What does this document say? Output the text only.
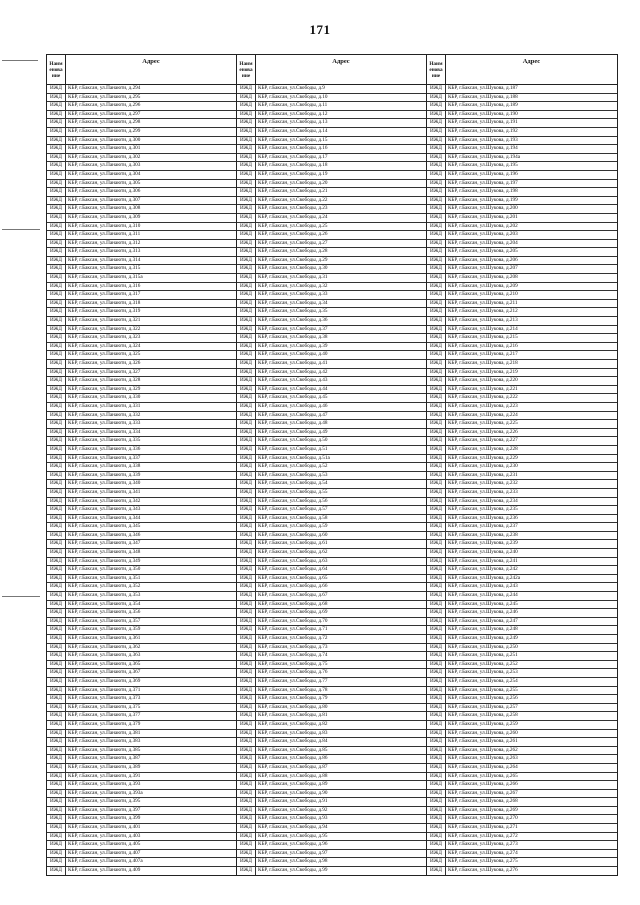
171
Наим
енова
ние
Адрес
ИЖД	КБР, г.Баксан, ул.Панаюти, д.294
ИЖД	КБР, г.Баксан, ул.Панаюти, д.295
ИЖД	КБР, г.Баксан, ул.Панаюти, д.296
ИЖД	КБР, г.Баксан, ул.Панаюти, д.297
ИЖД	КБР, г.Баксан, ул.Панаюти, д.298
ИЖД	КБР, г.Баксан, ул.Панаюти, д.299
ИЖД	КБР, г.Баксан, ул.Панаюти, д.300
ИЖД	КБР, г.Баксан, ул.Панаюти, д.301
ИЖД	КБР, г.Баксан, ул.Панаюти, д.302
ИЖД	КБР, г.Баксан, ул.Панаюти, д.303
ИЖД	КБР, г.Баксан, ул.Панаюти, д.304
ИЖД	КБР, г.Баксан, ул.Панаюти, д.305
ИЖД	КБР, г.Баксан, ул.Панаюти, д.306
ИЖД	КБР, г.Баксан, ул.Панаюти, д.307
ИЖД	КБР, г.Баксан, ул.Панаюти, д.308
ИЖД	КБР, г.Баксан, ул.Панаюти, д.309
ИЖД	КБР, г.Баксан, ул.Панаюти, д.310
ИЖД	КБР, г.Баксан, ул.Панаюти, д.311
ИЖД	КБР, г.Баксан, ул.Панаюти, д.312
ИЖД	КБР, г.Баксан, ул.Панаюти, д.313
ИЖД	КБР, г.Баксан, ул.Панаюти, д.314
ИЖД	КБР, г.Баксан, ул.Панаюти, д.315
ИЖД	КБР, г.Баксан, ул.Панаюти, д.315а
ИЖД	КБР, г.Баксан, ул.Панаюти, д.316
ИЖД	КБР, г.Баксан, ул.Панаюти, д.317
ИЖД	КБР, г.Баксан, ул.Панаюти, д.318
ИЖД	КБР, г.Баксан, ул.Панаюти, д.319
ИЖД	КБР, г.Баксан, ул.Панаюти, д.321
ИЖД	КБР, г.Баксан, ул.Панаюти, д.322
ИЖД	КБР, г.Баксан, ул.Панаюти, д.323
ИЖД	КБР, г.Баксан, ул.Панаюти, д.324
ИЖД	КБР, г.Баксан, ул.Панаюти, д.325
ИЖД	КБР, г.Баксан, ул.Панаюти, д.326
ИЖД	КБР, г.Баксан, ул.Панаюти, д.327
ИЖД	КБР, г.Баксан, ул.Панаюти, д.328
ИЖД	КБР, г.Баксан, ул.Панаюти, д.329
ИЖД	КБР, г.Баксан, ул.Панаюти, д.330
ИЖД	КБР, г.Баксан, ул.Панаюти, д.331
ИЖД	КБР, г.Баксан, ул.Панаюти, д.332
ИЖД	КБР, г.Баксан, ул.Панаюти, д.333
ИЖД	КБР, г.Баксан, ул.Панаюти, д.334
ИЖД	КБР, г.Баксан, ул.Панаюти, д.335
ИЖД	КБР, г.Баксан, ул.Панаюти, д.336
ИЖД	КБР, г.Баксан, ул.Панаюти, д.337
ИЖД	КБР, г.Баксан, ул.Панаюти, д.338
ИЖД	КБР, г.Баксан, ул.Панаюти, д.339
ИЖД	КБР, г.Баксан, ул.Панаюти, д.340
ИЖД	КБР, г.Баксан, ул.Панаюти, д.341
ИЖД	КБР, г.Баксан, ул.Панаюти, д.342
ИЖД	КБР, г.Баксан, ул.Панаюти, д.343
ИЖД	КБР, г.Баксан, ул.Панаюти, д.344
ИЖД	КБР, г.Баксан, ул.Панаюти, д.345
ИЖД	КБР, г.Баксан, ул.Панаюти, д.346
ИЖД	КБР, г.Баксан, ул.Панаюти, д.347
ИЖД	КБР, г.Баксан, ул.Панаюти, д.348
ИЖД	КБР, г.Баксан, ул.Панаюти, д.349
ИЖД	КБР, г.Баксан, ул.Панаюти, д.350
ИЖД	КБР, г.Баксан, ул.Панаюти, д.351
ИЖД	КБР, г.Баксан, ул.Панаюти, д.352
ИЖД	КБР, г.Баксан, ул.Панаюти, д.353
ИЖД	КБР, г.Баксан, ул.Панаюти, д.354
ИЖД	КБР, г.Баксан, ул.Панаюти, д.356
ИЖД	КБР, г.Баксан, ул.Панаюти, д.357
ИЖД	КБР, г.Баксан, ул.Панаюти, д.359
ИЖД	КБР, г.Баксан, ул.Панаюти, д.361
ИЖД	КБР, г.Баксан, ул.Панаюти, д.362
ИЖД	КБР, г.Баксан, ул.Панаюти, д.363
ИЖД	КБР, г.Баксан, ул.Панаюти, д.365
ИЖД	КБР, г.Баксан, ул.Панаюти, д.367
ИЖД	КБР, г.Баксан, ул.Панаюти, д.369
ИЖД	КБР, г.Баксан, ул.Панаюти, д.371
ИЖД	КБР, г.Баксан, ул.Панаюти, д.373
ИЖД	КБР, г.Баксан, ул.Панаюти, д.375
ИЖД	КБР, г.Баксан, ул.Панаюти, д.377
ИЖД	КБР, г.Баксан, ул.Панаюти, д.379
ИЖД	КБР, г.Баксан, ул.Панаюти, д.381
ИЖД	КБР, г.Баксан, ул.Панаюти, д.383
ИЖД	КБР, г.Баксан, ул.Панаюти, д.385
ИЖД	КБР, г.Баксан, ул.Панаюти, д.387
ИЖД	КБР, г.Баксан, ул.Панаюти, д.389
ИЖД	КБР, г.Баксан, ул.Панаюти, д.391
ИЖД	КБР, г.Баксан, ул.Панаюти, д.393
ИЖД	КБР, г.Баксан, ул.Панаюти, д.393а
ИЖД	КБР, г.Баксан, ул.Панаюти, д.395
ИЖД	КБР, г.Баксан, ул.Панаюти, д.397
ИЖД	КБР, г.Баксан, ул.Панаюти, д.399
ИЖД	КБР, г.Баксан, ул.Панаюти, д.401
ИЖД	КБР, г.Баксан, ул.Панаюти, д.403
ИЖД	КБР, г.Баксан, ул.Панаюти, д.405
ИЖД	КБР, г.Баксан, ул.Панаюти, д.407
ИЖД	КБР, г.Баксан, ул.Панаюти, д.407а
ИЖД	КБР, г.Баксан, ул.Панаюти, д.409
Наим
енова
ние
Адрес
ИЖД	КБР, г.Баксан, ул.Свободы, д.9
ИЖД	КБР, г.Баксан, ул.Свободы, д.10
ИЖД	КБР, г.Баксан, ул.Свободы, д.11
ИЖД	КБР, г.Баксан, ул.Свободы, д.12
ИЖД	КБР, г.Баксан, ул.Свободы, д.13
ИЖД	КБР, г.Баксан, ул.Свободы, д.14
ИЖД	КБР, г.Баксан, ул.Свободы, д.15
ИЖД	КБР, г.Баксан, ул.Свободы, д.16
ИЖД	КБР, г.Баксан, ул.Свободы, д.17
ИЖД	КБР, г.Баксан, ул.Свободы, д.18
ИЖД	КБР, г.Баксан, ул.Свободы, д.19
ИЖД	КБР, г.Баксан, ул.Свободы, д.20
ИЖД	КБР, г.Баксан, ул.Свободы, д.21
ИЖД	КБР, г.Баксан, ул.Свободы, д.22
ИЖД	КБР, г.Баксан, ул.Свободы, д.23
ИЖД	КБР, г.Баксан, ул.Свободы, д.24
ИЖД	КБР, г.Баксан, ул.Свободы, д.25
ИЖД	КБР, г.Баксан, ул.Свободы, д.26
ИЖД	КБР, г.Баксан, ул.Свободы, д.27
ИЖД	КБР, г.Баксан, ул.Свободы, д.28
ИЖД	КБР, г.Баксан, ул.Свободы, д.29
ИЖД	КБР, г.Баксан, ул.Свободы, д.30
ИЖД	КБР, г.Баксан, ул.Свободы, д.31
ИЖД	КБР, г.Баксан, ул.Свободы, д.32
ИЖД	КБР, г.Баксан, ул.Свободы, д.33
ИЖД	КБР, г.Баксан, ул.Свободы, д.34
ИЖД	КБР, г.Баксан, ул.Свободы, д.35
ИЖД	КБР, г.Баксан, ул.Свободы, д.36
ИЖД	КБР, г.Баксан, ул.Свободы, д.37
ИЖД	КБР, г.Баксан, ул.Свободы, д.38
ИЖД	КБР, г.Баксан, ул.Свободы, д.39
ИЖД	КБР, г.Баксан, ул.Свободы, д.40
ИЖД	КБР, г.Баксан, ул.Свободы, д.41
ИЖД	КБР, г.Баксан, ул.Свободы, д.42
ИЖД	КБР, г.Баксан, ул.Свободы, д.43
ИЖД	КБР, г.Баксан, ул.Свободы, д.44
ИЖД	КБР, г.Баксан, ул.Свободы, д.45
ИЖД	КБР, г.Баксан, ул.Свободы, д.46
ИЖД	КБР, г.Баксан, ул.Свободы, д.47
ИЖД	КБР, г.Баксан, ул.Свободы, д.48
ИЖД	КБР, г.Баксан, ул.Свободы, д.49
ИЖД	КБР, г.Баксан, ул.Свободы, д.50
ИЖД	КБР, г.Баксан, ул.Свободы, д.51
ИЖД	КБР, г.Баксан, ул.Свободы, д.51а
ИЖД	КБР, г.Баксан, ул.Свободы, д.52
ИЖД	КБР, г.Баксан, ул.Свободы, д.53
ИЖД	КБР, г.Баксан, ул.Свободы, д.54
ИЖД	КБР, г.Баксан, ул.Свободы, д.55
ИЖД	КБР, г.Баксан, ул.Свободы, д.56
ИЖД	КБР, г.Баксан, ул.Свободы, д.57
ИЖД	КБР, г.Баксан, ул.Свободы, д.58
ИЖД	КБР, г.Баксан, ул.Свободы, д.59
ИЖД	КБР, г.Баксан, ул.Свободы, д.60
ИЖД	КБР, г.Баксан, ул.Свободы, д.61
ИЖД	КБР, г.Баксан, ул.Свободы, д.62
ИЖД	КБР, г.Баксан, ул.Свободы, д.63
ИЖД	КБР, г.Баксан, ул.Свободы, д.64
ИЖД	КБР, г.Баксан, ул.Свободы, д.65
ИЖД	КБР, г.Баксан, ул.Свободы, д.66
ИЖД	КБР, г.Баксан, ул.Свободы, д.67
ИЖД	КБР, г.Баксан, ул.Свободы, д.68
ИЖД	КБР, г.Баксан, ул.Свободы, д.69
ИЖД	КБР, г.Баксан, ул.Свободы, д.70
ИЖД	КБР, г.Баксан, ул.Свободы, д.71
ИЖД	КБР, г.Баксан, ул.Свободы, д.72
ИЖД	КБР, г.Баксан, ул.Свободы, д.73
ИЖД	КБР, г.Баксан, ул.Свободы, д.74
ИЖД	КБР, г.Баксан, ул.Свободы, д.75
ИЖД	КБР, г.Баксан, ул.Свободы, д.76
ИЖД	КБР, г.Баксан, ул.Свободы, д.77
ИЖД	КБР, г.Баксан, ул.Свободы, д.78
ИЖД	КБР, г.Баксан, ул.Свободы, д.79
ИЖД	КБР, г.Баксан, ул.Свободы, д.80
ИЖД	КБР, г.Баксан, ул.Свободы, д.81
ИЖД	КБР, г.Баксан, ул.Свободы, д.82
ИЖД	КБР, г.Баксан, ул.Свободы, д.83
ИЖД	КБР, г.Баксан, ул.Свободы, д.84
ИЖД	КБР, г.Баксан, ул.Свободы, д.85
ИЖД	КБР, г.Баксан, ул.Свободы, д.86
ИЖД	КБР, г.Баксан, ул.Свободы, д.87
ИЖД	КБР, г.Баксан, ул.Свободы, д.88
ИЖД	КБР, г.Баксан, ул.Свободы, д.89
ИЖД	КБР, г.Баксан, ул.Свободы, д.90
ИЖД	КБР, г.Баксан, ул.Свободы, д.91
ИЖД	КБР, г.Баксан, ул.Свободы, д.92
ИЖД	КБР, г.Баксан, ул.Свободы, д.93
ИЖД	КБР, г.Баксан, ул.Свободы, д.94
ИЖД	КБР, г.Баксан, ул.Свободы, д.95
ИЖД	КБР, г.Баксан, ул.Свободы, д.96
ИЖД	КБР, г.Баксан, ул.Свободы, д.97
ИЖД	КБР, г.Баксан, ул.Свободы, д.98
ИЖД	КБР, г.Баксан, ул.Свободы, д.99
Наим
енова
ние
Адрес
ИЖД	КБР, г.Баксан, ул.Шукова, д.187
ИЖД	КБР, г.Баксан, ул.Шукова, д.188
ИЖД	КБР, г.Баксан, ул.Шукова, д.189
ИЖД	КБР, г.Баксан, ул.Шукова, д.190
ИЖД	КБР, г.Баксан, ул.Шукова, д.191
ИЖД	КБР, г.Баксан, ул.Шукова, д.192
ИЖД	КБР, г.Баксан, ул.Шукова, д.193
ИЖД	КБР, г.Баксан, ул.Шукова, д.194
ИЖД	КБР, г.Баксан, ул.Шукова, д.194а
ИЖД	КБР, г.Баксан, ул.Шукова, д.195
ИЖД	КБР, г.Баксан, ул.Шукова, д.196
ИЖД	КБР, г.Баксан, ул.Шукова, д.197
ИЖД	КБР, г.Баксан, ул.Шукова, д.198
ИЖД	КБР, г.Баксан, ул.Шукова, д.199
ИЖД	КБР, г.Баксан, ул.Шукова, д.200
ИЖД	КБР, г.Баксан, ул.Шукова, д.201
ИЖД	КБР, г.Баксан, ул.Шукова, д.202
ИЖД	КБР, г.Баксан, ул.Шукова, д.203
ИЖД	КБР, г.Баксан, ул.Шукова, д.204
ИЖД	КБР, г.Баксан, ул.Шукова, д.205
ИЖД	КБР, г.Баксан, ул.Шукова, д.206
ИЖД	КБР, г.Баксан, ул.Шукова, д.207
ИЖД	КБР, г.Баксан, ул.Шукова, д.208
ИЖД	КБР, г.Баксан, ул.Шукова, д.209
ИЖД	КБР, г.Баксан, ул.Шукова, д.210
ИЖД	КБР, г.Баксан, ул.Шукова, д.211
ИЖД	КБР, г.Баксан, ул.Шукова, д.212
ИЖД	КБР, г.Баксан, ул.Шукова, д.213
ИЖД	КБР, г.Баксан, ул.Шукова, д.214
ИЖД	КБР, г.Баксан, ул.Шукова, д.215
ИЖД	КБР, г.Баксан, ул.Шукова, д.216
ИЖД	КБР, г.Баксан, ул.Шукова, д.217
ИЖД	КБР, г.Баксан, ул.Шукова, д.218
ИЖД	КБР, г.Баксан, ул.Шукова, д.219
ИЖД	КБР, г.Баксан, ул.Шукова, д.220
ИЖД	КБР, г.Баксан, ул.Шукова, д.221
ИЖД	КБР, г.Баксан, ул.Шукова, д.222
ИЖД	КБР, г.Баксан, ул.Шукова, д.223
ИЖД	КБР, г.Баксан, ул.Шукова, д.224
ИЖД	КБР, г.Баксан, ул.Шукова, д.225
ИЖД	КБР, г.Баксан, ул.Шукова, д.226
ИЖД	КБР, г.Баксан, ул.Шукова, д.227
ИЖД	КБР, г.Баксан, ул.Шукова, д.228
ИЖД	КБР, г.Баксан, ул.Шукова, д.229
ИЖД	КБР, г.Баксан, ул.Шукова, д.230
ИЖД	КБР, г.Баксан, ул.Шукова, д.231
ИЖД	КБР, г.Баксан, ул.Шукова, д.232
ИЖД	КБР, г.Баксан, ул.Шукова, д.233
ИЖД	КБР, г.Баксан, ул.Шукова, д.234
ИЖД	КБР, г.Баксан, ул.Шукова, д.235
ИЖД	КБР, г.Баксан, ул.Шукова, д.236
ИЖД	КБР, г.Баксан, ул.Шукова, д.237
ИЖД	КБР, г.Баксан, ул.Шукова, д.238
ИЖД	КБР, г.Баксан, ул.Шукова, д.239
ИЖД	КБР, г.Баксан, ул.Шукова, д.240
ИЖД	КБР, г.Баксан, ул.Шукова, д.241
ИЖД	КБР, г.Баксан, ул.Шукова, д.242
ИЖД	КБР, г.Баксан, ул.Шукова, д.242а
ИЖД	КБР, г.Баксан, ул.Шукова, д.243
ИЖД	КБР, г.Баксан, ул.Шукова, д.244
ИЖД	КБР, г.Баксан, ул.Шукова, д.245
ИЖД	КБР, г.Баксан, ул.Шукова, д.246
ИЖД	КБР, г.Баксан, ул.Шукова, д.247
ИЖД	КБР, г.Баксан, ул.Шукова, д.248
ИЖД	КБР, г.Баксан, ул.Шукова, д.249
ИЖД	КБР, г.Баксан, ул.Шукова, д.250
ИЖД	КБР, г.Баксан, ул.Шукова, д.251
ИЖД	КБР, г.Баксан, ул.Шукова, д.252
ИЖД	КБР, г.Баксан, ул.Шукова, д.253
ИЖД	КБР, г.Баксан, ул.Шукова, д.254
ИЖД	КБР, г.Баксан, ул.Шукова, д.255
ИЖД	КБР, г.Баксан, ул.Шукова, д.256
ИЖД	КБР, г.Баксан, ул.Шукова, д.257
ИЖД	КБР, г.Баксан, ул.Шукова, д.258
ИЖД	КБР, г.Баксан, ул.Шукова, д.259
ИЖД	КБР, г.Баксан, ул.Шукова, д.260
ИЖД	КБР, г.Баксан, ул.Шукова, д.261
ИЖД	КБР, г.Баксан, ул.Шукова, д.262
ИЖД	КБР, г.Баксан, ул.Шукова, д.263
ИЖД	КБР, г.Баксан, ул.Шукова, д.264
ИЖД	КБР, г.Баксан, ул.Шукова, д.265
ИЖД	КБР, г.Баксан, ул.Шукова, д.266
ИЖД	КБР, г.Баксан, ул.Шукова, д.267
ИЖД	КБР, г.Баксан, ул.Шукова, д.268
ИЖД	КБР, г.Баксан, ул.Шукова, д.269
ИЖД	КБР, г.Баксан, ул.Шукова, д.270
ИЖД	КБР, г.Баксан, ул.Шукова, д.271
ИЖД	КБР, г.Баксан, ул.Шукова, д.272
ИЖД	КБР, г.Баксан, ул.Шукова, д.273
ИЖД	КБР, г.Баксан, ул.Шукова, д.274
ИЖД	КБР, г.Баксан, ул.Шукова, д.275
ИЖД	КБР, г.Баксан, ул.Шукова, д.276
